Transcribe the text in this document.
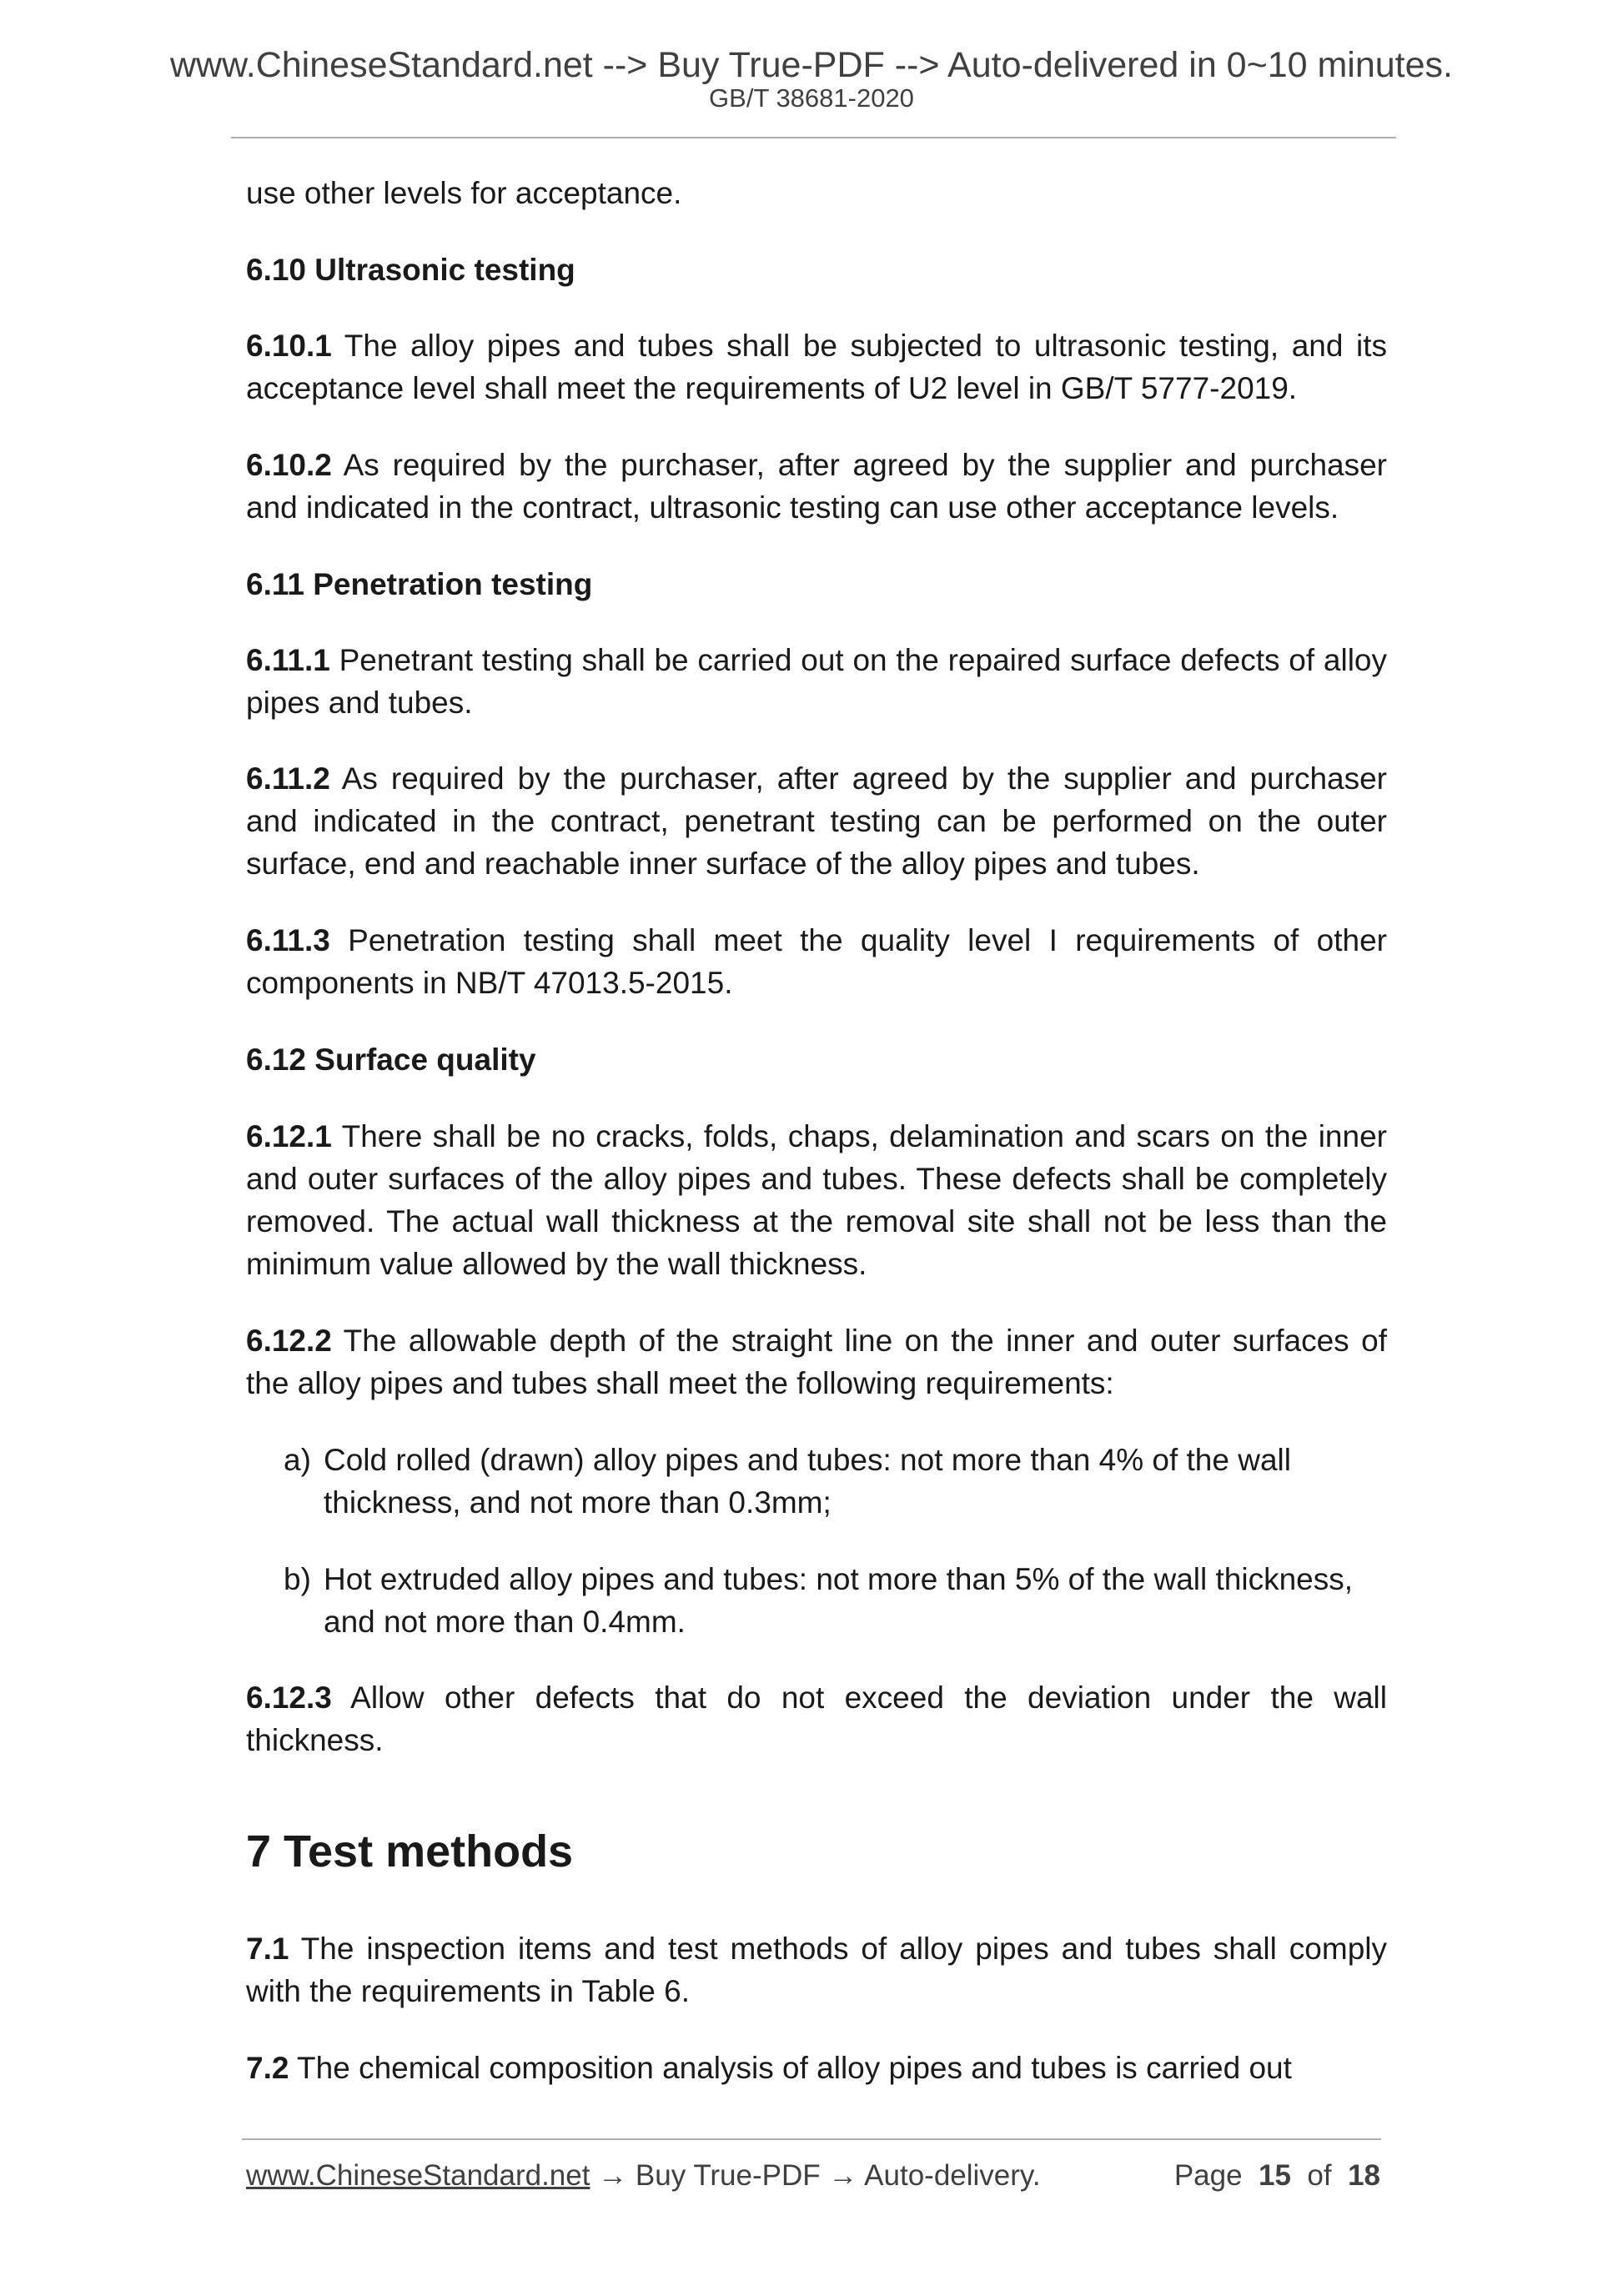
www.ChineseStandard.net --> Buy True-PDF --> Auto-delivered in 0~10 minutes.
GB/T 38681-2020
use other levels for acceptance.
6.10 Ultrasonic testing
6.10.1 The alloy pipes and tubes shall be subjected to ultrasonic testing, and its acceptance level shall meet the requirements of U2 level in GB/T 5777-2019.
6.10.2 As required by the purchaser, after agreed by the supplier and purchaser and indicated in the contract, ultrasonic testing can use other acceptance levels.
6.11 Penetration testing
6.11.1 Penetrant testing shall be carried out on the repaired surface defects of alloy pipes and tubes.
6.11.2 As required by the purchaser, after agreed by the supplier and purchaser and indicated in the contract, penetrant testing can be performed on the outer surface, end and reachable inner surface of the alloy pipes and tubes.
6.11.3 Penetration testing shall meet the quality level I requirements of other components in NB/T 47013.5-2015.
6.12 Surface quality
6.12.1 There shall be no cracks, folds, chaps, delamination and scars on the inner and outer surfaces of the alloy pipes and tubes. These defects shall be completely removed. The actual wall thickness at the removal site shall not be less than the minimum value allowed by the wall thickness.
6.12.2 The allowable depth of the straight line on the inner and outer surfaces of the alloy pipes and tubes shall meet the following requirements:
a) Cold rolled (drawn) alloy pipes and tubes: not more than 4% of the wall
thickness, and not more than 0.3mm;
b) Hot extruded alloy pipes and tubes: not more than 5% of the wall thickness,
and not more than 0.4mm.
6.12.3 Allow other defects that do not exceed the deviation under the wall thickness.
7 Test methods
7.1 The inspection items and test methods of alloy pipes and tubes shall comply with the requirements in Table 6.
7.2 The chemical composition analysis of alloy pipes and tubes is carried out
www.ChineseStandard.net → Buy True-PDF → Auto-delivery.	Page 15 of 18
